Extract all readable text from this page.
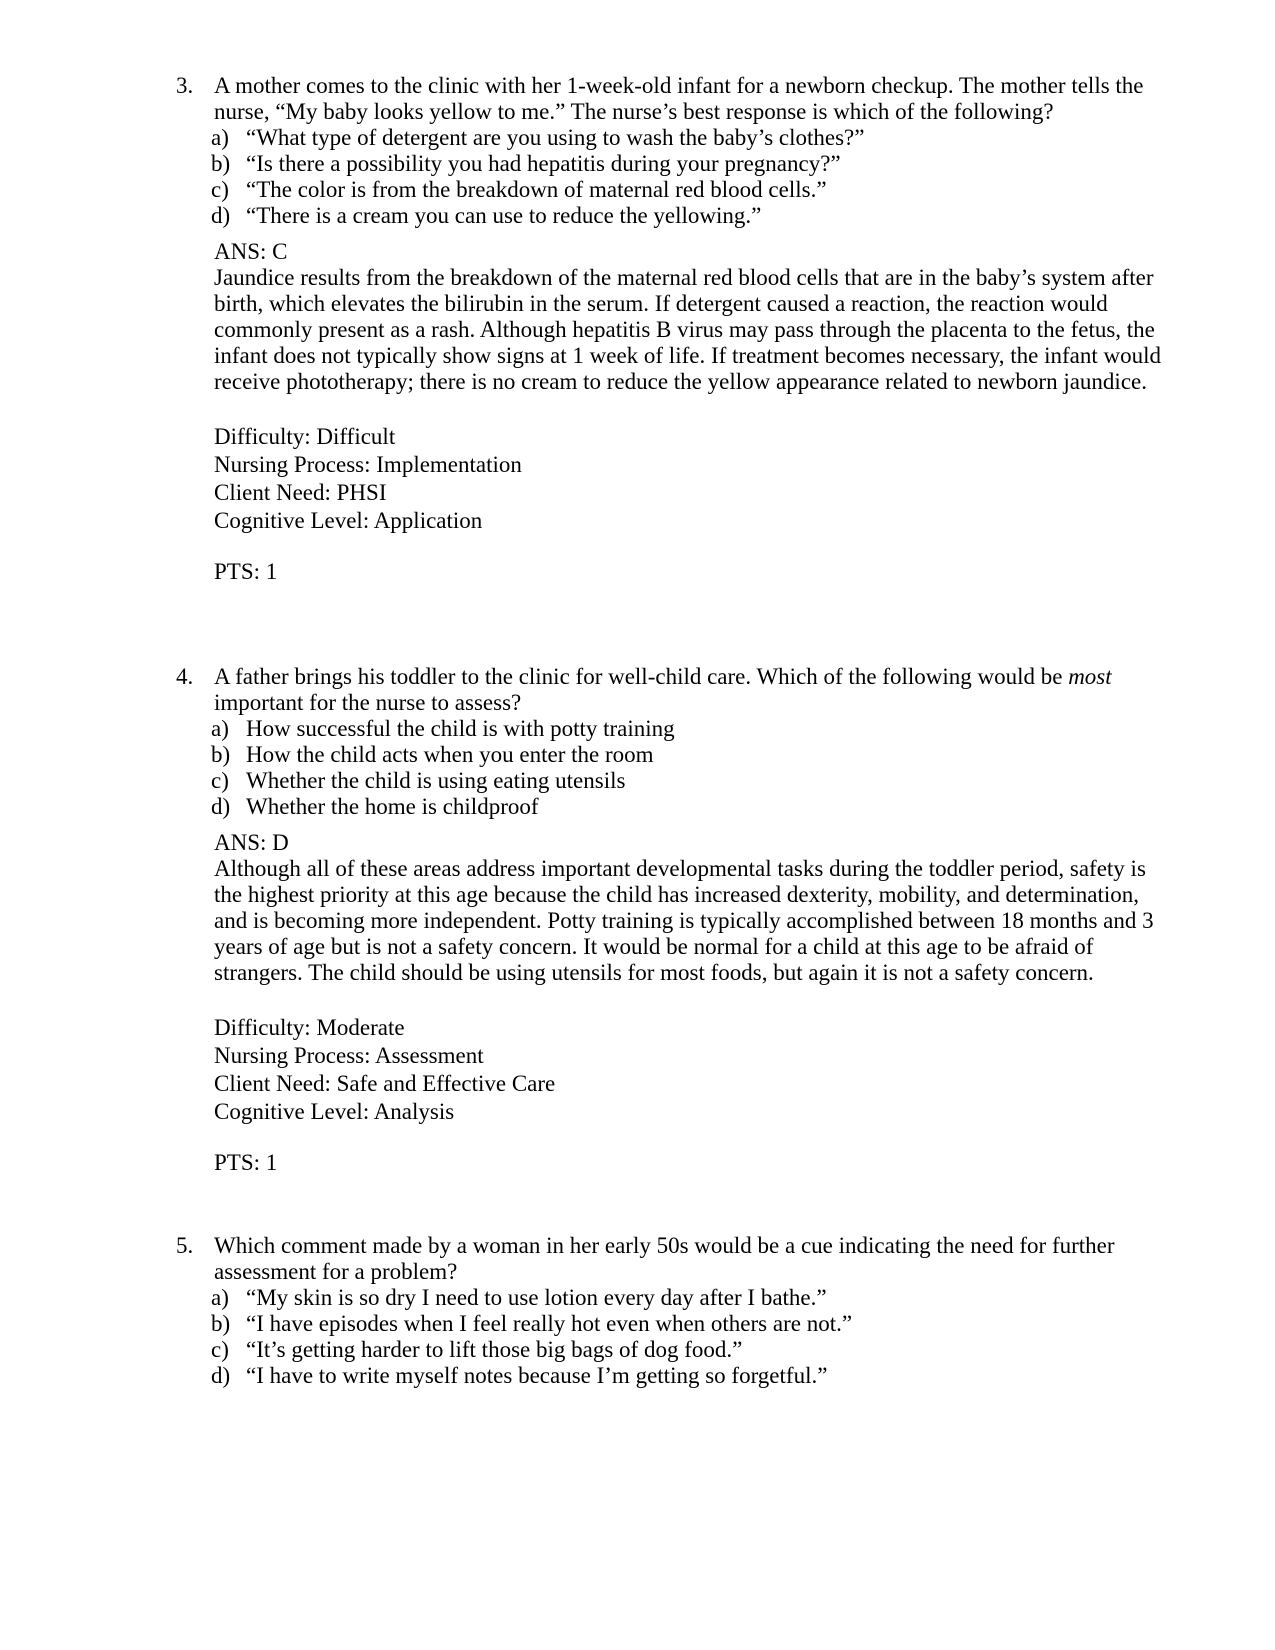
3. A mother comes to the clinic with her 1-week-old infant for a newborn checkup. The mother tells the nurse, “My baby looks yellow to me.” The nurse’s best response is which of the following?
a) “What type of detergent are you using to wash the baby’s clothes?”
b) “Is there a possibility you had hepatitis during your pregnancy?”
c) “The color is from the breakdown of maternal red blood cells.”
d) “There is a cream you can use to reduce the yellowing.”
ANS: C
Jaundice results from the breakdown of the maternal red blood cells that are in the baby’s system after birth, which elevates the bilirubin in the serum. If detergent caused a reaction, the reaction would commonly present as a rash. Although hepatitis B virus may pass through the placenta to the fetus, the infant does not typically show signs at 1 week of life. If treatment becomes necessary, the infant would receive phototherapy; there is no cream to reduce the yellow appearance related to newborn jaundice.
Difficulty: Difficult
Nursing Process: Implementation
Client Need: PHSI
Cognitive Level: Application
PTS: 1
4. A father brings his toddler to the clinic for well-child care. Which of the following would be most important for the nurse to assess?
a) How successful the child is with potty training
b) How the child acts when you enter the room
c) Whether the child is using eating utensils
d) Whether the home is childproof
ANS: D
Although all of these areas address important developmental tasks during the toddler period, safety is the highest priority at this age because the child has increased dexterity, mobility, and determination, and is becoming more independent. Potty training is typically accomplished between 18 months and 3 years of age but is not a safety concern. It would be normal for a child at this age to be afraid of strangers. The child should be using utensils for most foods, but again it is not a safety concern.
Difficulty: Moderate
Nursing Process: Assessment
Client Need: Safe and Effective Care
Cognitive Level: Analysis
PTS: 1
5. Which comment made by a woman in her early 50s would be a cue indicating the need for further assessment for a problem?
a) “My skin is so dry I need to use lotion every day after I bathe.”
b) “I have episodes when I feel really hot even when others are not.”
c) “It’s getting harder to lift those big bags of dog food.”
d) “I have to write myself notes because I’m getting so forgetful.”
